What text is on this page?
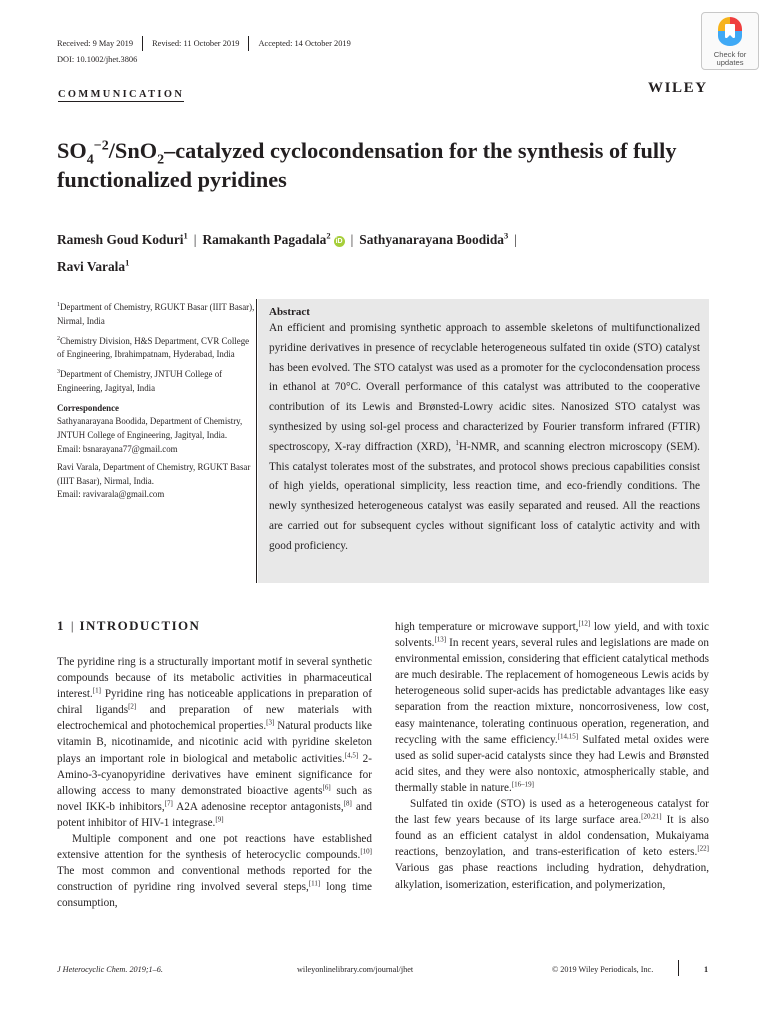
Received: 9 May 2019 Revised: 11 October 2019 Accepted: 14 October 2019
DOI: 10.1002/jhet.3806
Check for
updates
WILEY
COMMUNICATION
$SO_4^{-2}/SnO_2$–catalyzed cyclocondensation for the synthesis of fully functionalized pyridines
Ramesh Goud Koduri$^1$ | Ramakanth Pagadala$^2$iD | Sathyanarayana Boodida$^3$ |
Ravi Varala$^1$
$^1$Department of Chemistry, RGUKT Basar (IIIT Basar), Nirmal, India
$^2$Chemistry Division, H&S Department, CVR College of Engineering, Ibrahimpatnam, Hyderabad, India
$^3$Department of Chemistry, JNTUH College of Engineering, Jagityal, India
Correspondence
Sathyanarayana Boodida, Department of Chemistry, JNTUH College of Engineering, Jagityal, India.
Email: bsnarayana77@gmail.com
Ravi Varala, Department of Chemistry, RGUKT Basar (IIIT Basar), Nirmal, India.
Email: ravivarala@gmail.com
Abstract
An efficient and promising synthetic approach to assemble skeletons of multifunctionalized pyridine derivatives in presence of recyclable heterogeneous sulfated tin oxide (STO) catalyst has been evolved. The STO catalyst was used as a promoter for the cyclocondensation process in ethanol at 70°C. Overall performance of this catalyst was attributed to the cooperative contribution of its Lewis and Brønsted-Lowry acidic sites. Nanosized STO catalyst was synthesized by using sol-gel process and characterized by Fourier transform infrared (FTIR) spectroscopy, X-ray diffraction (XRD), $^1$H-NMR, and scanning electron microscopy (SEM). This catalyst tolerates most of the substrates, and protocol shows precious capabilities consist of high yields, operational simplicity, less reaction time, and eco-friendly conditions. The newly synthesized heterogeneous catalyst was easily separated and reused. All the reactions are carried out for subsequent cycles without significant loss of catalytic activity and with good proficiency.
1 | INTRODUCTION

The pyridine ring is a structurally important motif in several synthetic compounds because of its metabolic activities in pharmaceutical interest.[1] Pyridine ring has noticeable applications in preparation of chiral ligands[2] and preparation of new materials with electrochemical and photochemical properties.[3] Natural products like vitamin B, nicotinamide, and nicotinic acid with pyridine skeleton plays an important role in biological and metabolic activities.[4,5] 2-Amino-3-cyanopyridine derivatives have eminent significance for allowing access to many demonstrated bioactive agents[6] such as novel IKK-b inhibitors,[7] A2A adenosine receptor antagonists,[8] and potent inhibitor of HIV-1 integrase.[9]

Multiple component and one pot reactions have established extensive attention for the synthesis of heterocyclic compounds.[10] The most common and conventional methods reported for the construction of pyridine ring involved several steps,[11] long time consumption,

high temperature or microwave support,[12] low yield, and with toxic solvents.[13] In recent years, several rules and legislations are made on environmental emission, considering that efficient catalytical methods are much desirable. The replacement of homogeneous Lewis acids by heterogeneous solid super-acids has predictable advantages like easy separation from the reaction mixture, noncorrosiveness, low cost, easy maintenance, tolerating continuous operation, regeneration, and recycling with the same efficiency.[14,15] Sulfated metal oxides were used as solid super-acid catalysts since they had Lewis and Brønsted acid sites, and they were also nontoxic, atmospherically stable, and thermally stable in nature.[16–19]

Sulfated tin oxide (STO) is used as a heterogeneous catalyst for the last few years because of its large surface area.[20,21] It is also found as an efficient catalyst in aldol condensation, Mukaiyama reactions, benzoylation, and trans-esterification of keto esters.[22] Various gas phase reactions including hydration, dehydration, alkylation, isomerization, esterification, and polymerization,

J Heterocyclic Chem. 2019;1–6.	wileyonlinelibrary.com/journal/jhet	© 2019 Wiley Periodicals, Inc.	1
